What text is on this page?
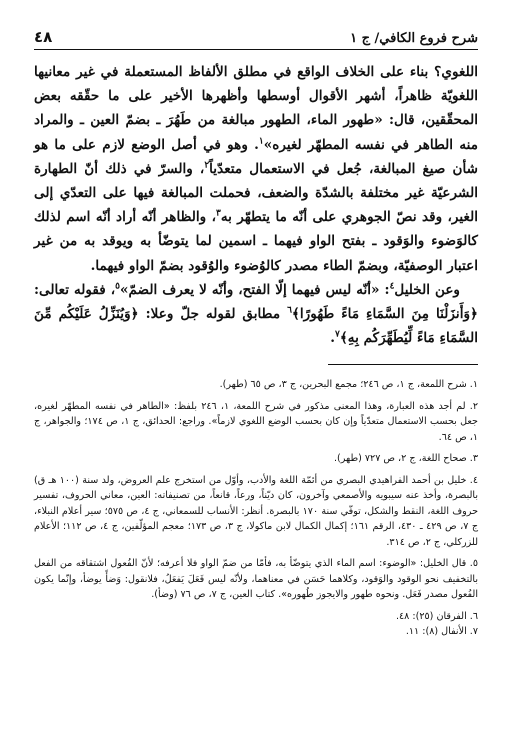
شرح فروع الكافي/ ج ١
٤٨

اللغوي؟ بناء على الخلاف الواقع في مطلق الألفاظ المستعملة في غير معانيها اللغويّة ظاهراً، أشهر الأقوال أوسطها وأظهرها الأخير على ما حقّقه بعض المحقّقين، قال: «طهور الماء، الطهور مبالغة من طَهُرَ ـ بضمّ العين ـ والمراد منه الطاهر في نفسه المطهّر لغيره»$^١$. وهو في أصل الوضع لازم على ما هو شأن صيغ المبالغة، جُعل في الاستعمال متعدّياً$^٢$، والسرّ في ذلك أنّ الطهارة الشرعيّة غير مختلفة بالشدّة والضعف، فحملت المبالغة فيها على التعدّي إلى الغير، وقد نصّ الجوهري على أنّه ما يتطهّر به$^٣$، والظاهر أنّه أراد أنّه اسم لذلك كالوَضوء والوَقود ـ بفتح الواو فيهما ـ اسمين لما يتوضّأ به ويوقد به من غير اعتبار الوصفيّة، وبضمّ الطاء مصدر كالوُضوء والوُقود بضمّ الواو فيهما.

وعن الخليل$^٤$: «أنّه ليس فيهما إلّا الفتح، وأنّه لا يعرف الضمّ»$^٥$، فقوله تعالى: ﴿وَأَنزَلْنَا مِنَ السَّمَاءِ مَاءً طَهُورًا﴾$^٦$ مطابق لقوله جلّ وعلا: ﴿وَيُنَزِّلُ عَلَيْكُم مِّنَ السَّمَاءِ مَاءً لِّيُطَهِّرَكُم بِهِ﴾$^٧$.

١. شرح اللمعة، ج ١، ص ٢٤٦؛ مجمع البحرين، ج ٣، ص ٦٥ (طهر).

٢. لم أجد هذه العبارة، وهذا المعنى مذكور في شرح اللمعة، ١، ٢٤٦ بلفظ: «الطاهر في نفسه المطهّر لغيره، جعل بحسب الاستعمال متعدّياً وإن كان بحسب الوضع اللغوي لازماً». وراجع: الحدائق، ج ١، ص ١٧٤؛ والجواهر، ج ١، ص ٦٤.

٣. صحاح اللغة، ج ٢، ص ٧٢٧ (طهر).

٤. خليل بن أحمد الفراهيدي البصري من أئمّة اللغة والأدب، وأوّل من استخرج علم العروض، ولد سنة (١٠٠ هـ ق) بالبصرة، وأخذ عنه سيبويه والأصمعي وآخرون، كان ديّناً، ورعاً، قانعاً، من تصنيفاته: العين، معاني الحروف، تفسير حروف اللغة، النقط والشكل، توفّي سنة ١٧٠ بالبصرة. أنظر: الأنساب للسمعاني، ج ٤، ص ٥٧٥؛ سير أعلام النبلاء، ج ٧، ص ٤٢٩ ـ ٤٣٠، الرقم ١٦١؛ إكمال الكمال لابن ماكولا، ج ٣، ص ١٧٣؛ معجم المؤلّفين، ج ٤، ص ١١٢؛ الأعلام للزركلي، ج ٢، ص ٣١٤.

٥. قال الخليل: «الوضوء: اسم الماء الذي يتوضّأ به، فأمّا من ضمّ الواو فلا أعرفه؛ لأنّ الفُعول اشتقاقه من الفعل بالتخفيف نحو الوقود والوَقود، وكلاهما حَسَن في معناهما، ولأنّه ليس فَعَلَ يَفعَلُ، فلانقول: وَضأً يوضأ، وإنّما يكون الفُعول مصدر فَعَل. ونحوه طهور والايجوز طُهوره». كتاب العين، ج ٧، ص ٧٦ (وضأ).

٦. الفرقان (٢٥): ٤٨.

٧. الأنفال (٨): ١١.
